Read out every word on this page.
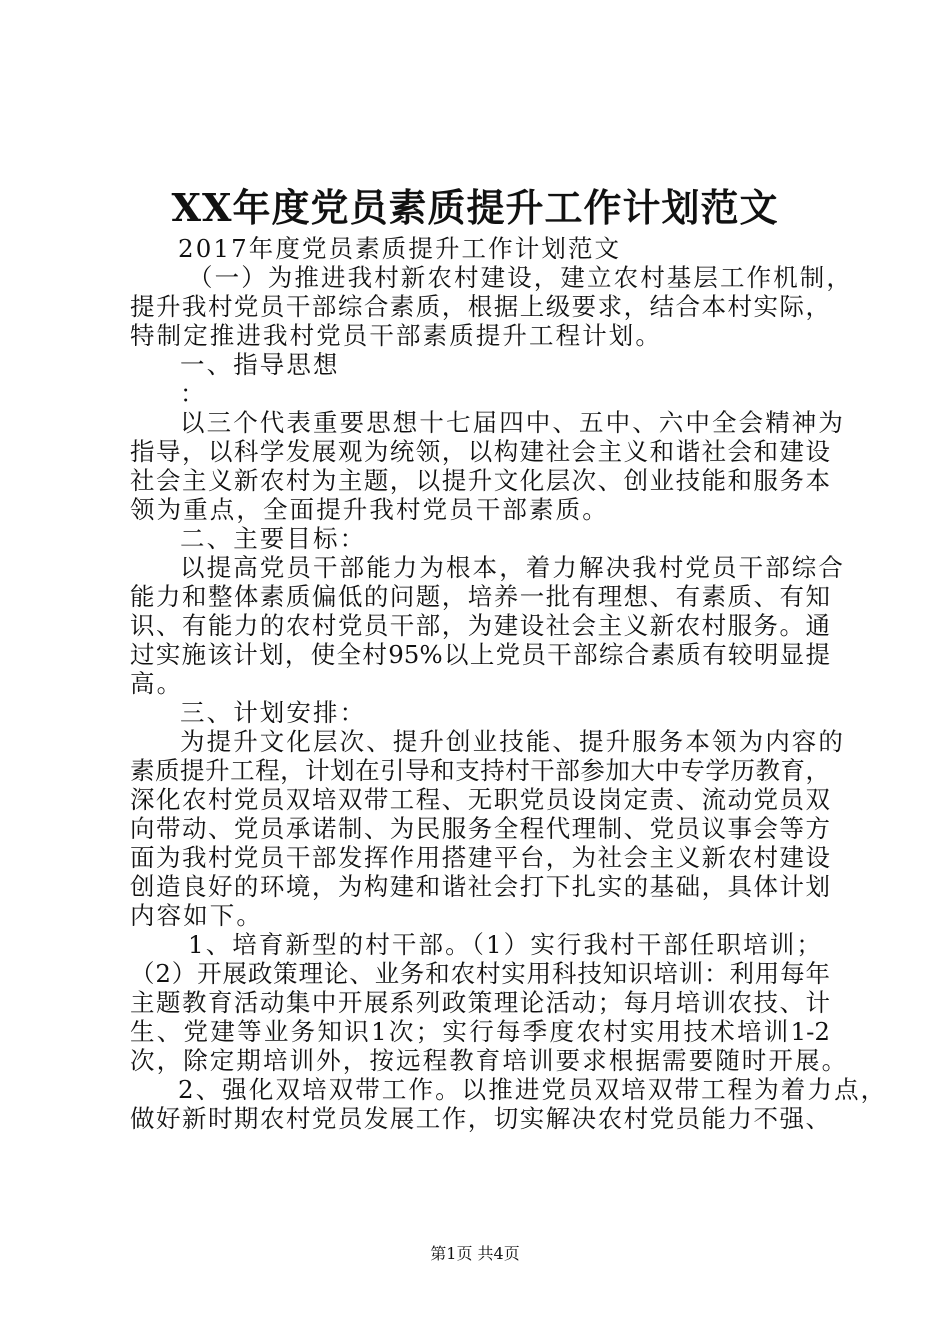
XX年度党员素质提升工作计划范文
2017年度党员素质提升工作计划范文
（一）为推进我村新农村建设，建立农村基层工作机制，
提升我村党员干部综合素质，根据上级要求，结合本村实际，
特制定推进我村党员干部素质提升工程计划。
一、指导思想
：
以三个代表重要思想十七届四中、五中、六中全会精神为
指导，以科学发展观为统领，以构建社会主义和谐社会和建设
社会主义新农村为主题，以提升文化层次、创业技能和服务本
领为重点，全面提升我村党员干部素质。
二、主要目标：
以提高党员干部能力为根本，着力解决我村党员干部综合
能力和整体素质偏低的问题，培养一批有理想、有素质、有知
识、有能力的农村党员干部，为建设社会主义新农村服务。通
过实施该计划，使全村95%以上党员干部综合素质有较明显提
高。
三、计划安排：
为提升文化层次、提升创业技能、提升服务本领为内容的
素质提升工程，计划在引导和支持村干部参加大中专学历教育，
深化农村党员双培双带工程、无职党员设岗定责、流动党员双
向带动、党员承诺制、为民服务全程代理制、党员议事会等方
面为我村党员干部发挥作用搭建平台，为社会主义新农村建设
创造良好的环境，为构建和谐社会打下扎实的基础，具体计划
内容如下。
1、培育新型的村干部。（1）实行我村干部任职培训；
（2）开展政策理论、业务和农村实用科技知识培训：利用每年
主题教育活动集中开展系列政策理论活动；每月培训农技、计
生、党建等业务知识1次；实行每季度农村实用技术培训1-2
次，除定期培训外，按远程教育培训要求根据需要随时开展。
2、强化双培双带工作。以推进党员双培双带工程为着力点，
做好新时期农村党员发展工作，切实解决农村党员能力不强、
第1页 共4页
